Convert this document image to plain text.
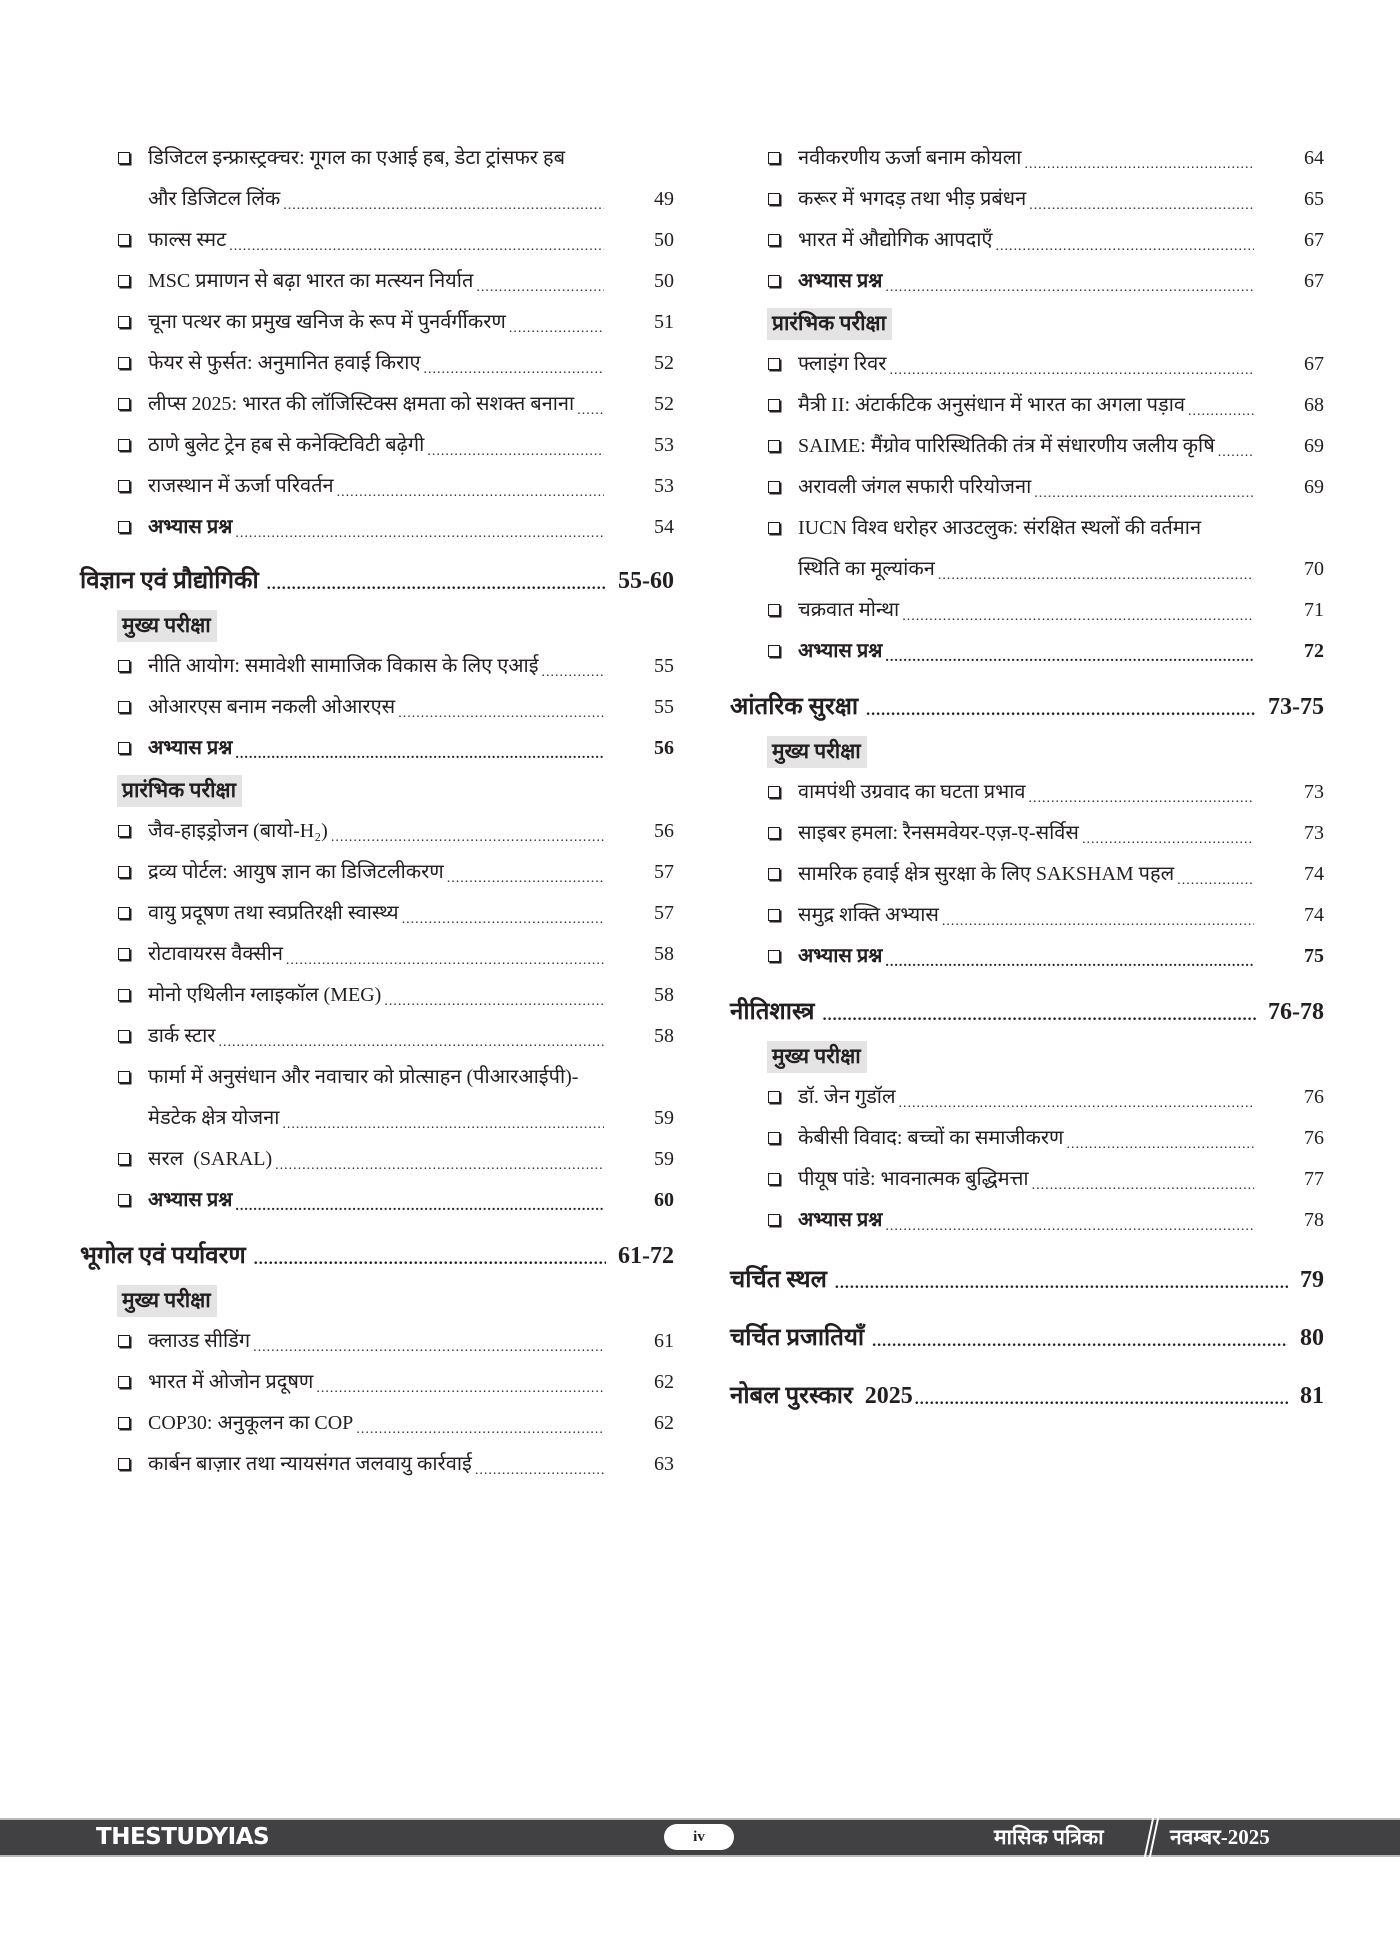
डिजिटल इन्फ्रास्ट्रक्चर: गूगल का एआई हब, डेटा ट्रांसफर हब
और डिजिटल लिंक .....	49
फाल्स स्मट .....	50
MSC प्रमाणन से बढ़ा भारत का मत्स्यन निर्यात .....	50
चूना पत्थर का प्रमुख खनिज के रूप में पुनर्वर्गीकरण .....	51
फेयर से फुर्सत: अनुमानित हवाई किराए .....	52
लीप्स 2025: भारत की लॉजिस्टिक्स क्षमता को सशक्त बनाना .....	52
ठाणे बुलेट ट्रेन हब से कनेक्टिविटी बढ़ेगी .....	53
राजस्थान में ऊर्जा परिवर्तन .....	53
अभ्यास प्रश्न .....	54
विज्ञान एवं प्रौद्योगिकी .....	55-60
मुख्य परीक्षा
नीति आयोग: समावेशी सामाजिक विकास के लिए एआई .....	55
ओआरएस बनाम नकली ओआरएस .....	55
अभ्यास प्रश्न .....	56
प्रारंभिक परीक्षा
जैव-हाइड्रोजन (बायो-H₂) .....	56
द्रव्य पोर्टल: आयुष ज्ञान का डिजिटलीकरण .....	57
वायु प्रदूषण तथा स्वप्रतिरक्षी स्वास्थ्य .....	57
रोटावायरस वैक्सीन .....	58
मोनो एथिलीन ग्लाइकॉल (MEG) .....	58
डार्क स्टार .....	58
फार्मा में अनुसंधान और नवाचार को प्रोत्साहन (पीआरआईपी)-
मेडटेक क्षेत्र योजना .....	59
सरल  (SARAL) .....	59
अभ्यास प्रश्न .....	60
भूगोल एवं पर्यावरण .....	61-72
मुख्य परीक्षा
क्लाउड सीडिंग .....	61
भारत में ओजोन प्रदूषण .....	62
COP30: अनुकूलन का COP .....	62
कार्बन बाज़ार तथा न्यायसंगत जलवायु कार्रवाई .....	63
नवीकरणीय ऊर्जा बनाम कोयला .....	64
करूर में भगदड़ तथा भीड़ प्रबंधन .....	65
भारत में औद्योगिक आपदाएँ .....	67
अभ्यास प्रश्न .....	67
प्रारंभिक परीक्षा
फ्लाइंग रिवर .....	67
मैत्री II: अंटार्कटिक अनुसंधान में भारत का अगला पड़ाव .....	68
SAIME: मैंग्रोव पारिस्थितिकी तंत्र में संधारणीय जलीय कृषि .....	69
अरावली जंगल सफारी परियोजना .....	69
IUCN विश्व धरोहर आउटलुक: संरक्षित स्थलों की वर्तमान
स्थिति का मूल्यांकन .....	70
चक्रवात मोन्था .....	71
अभ्यास प्रश्न .....	72
आंतरिक सुरक्षा .....	73-75
मुख्य परीक्षा
वामपंथी उग्रवाद का घटता प्रभाव .....	73
साइबर हमला: रैनसमवेयर-एज़-ए-सर्विस .....	73
सामरिक हवाई क्षेत्र सुरक्षा के लिए SAKSHAM पहल .....	74
समुद्र शक्ति अभ्यास .....	74
अभ्यास प्रश्न .....	75
नीतिशास्त्र .....	76-78
मुख्य परीक्षा
डॉ. जेन गुडॉल .....	76
केबीसी विवाद: बच्चों का समाजीकरण .....	76
पीयूष पांडे: भावनात्मक बुद्धिमत्ता .....	77
अभ्यास प्रश्न .....	78
चर्चित स्थल .....	79
चर्चित प्रजातियाँ .....	80
नोबल पुरस्कार  2025 .....	81
THESTUDYIAS	iv	मासिक पत्रिका	नवम्बर-2025
